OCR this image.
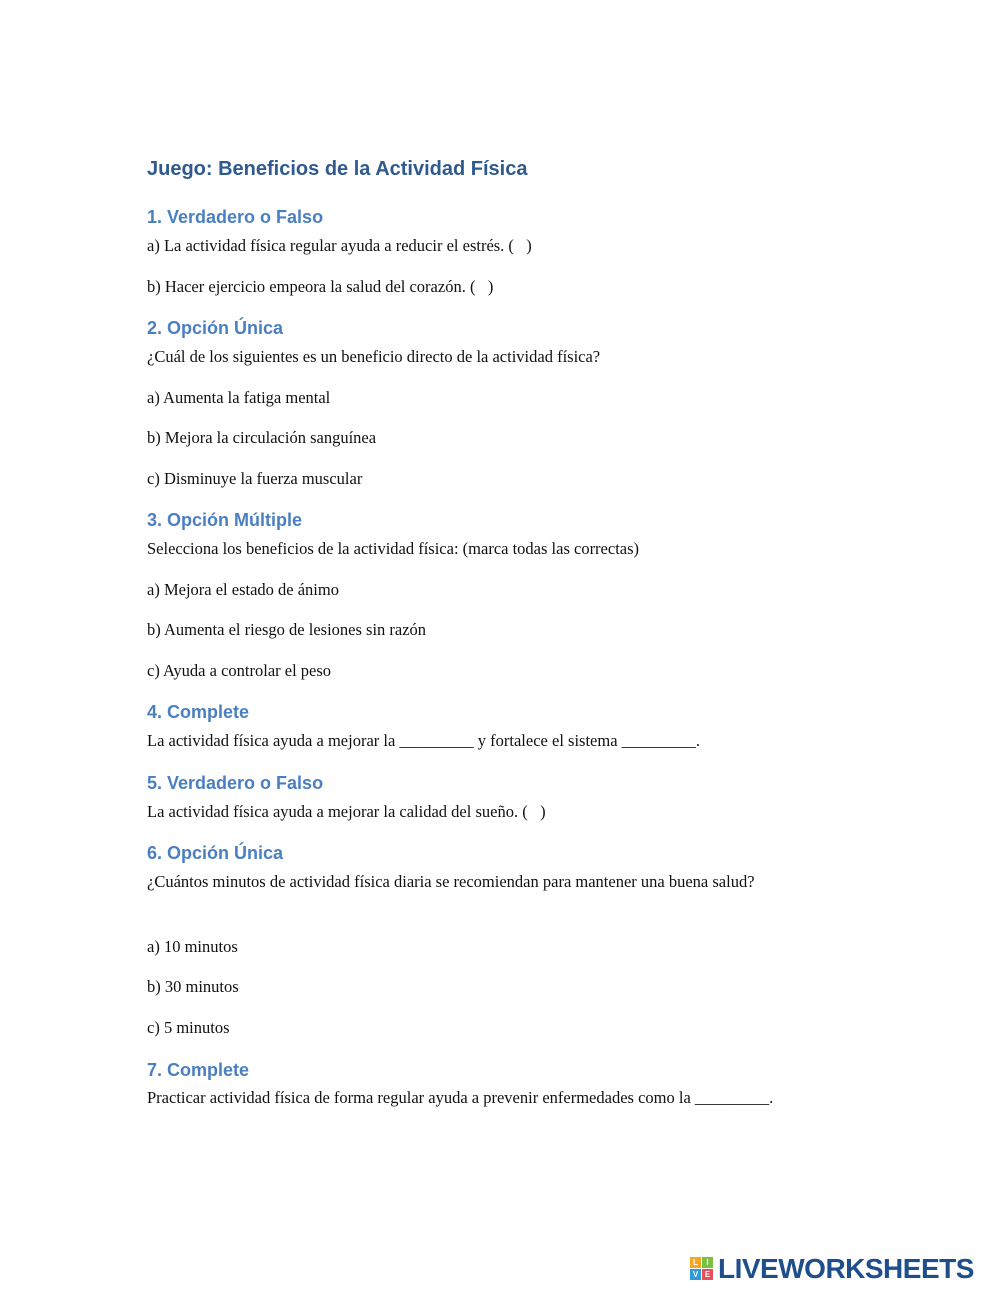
Juego: Beneficios de la Actividad Física
1. Verdadero o Falso

a) La actividad física regular ayuda a reducir el estrés. (   )

b) Hacer ejercicio empeora la salud del corazón. (   )

2. Opción Única

¿Cuál de los siguientes es un beneficio directo de la actividad física?

a) Aumenta la fatiga mental

b) Mejora la circulación sanguínea

c) Disminuye la fuerza muscular

3. Opción Múltiple

Selecciona los beneficios de la actividad física: (marca todas las correctas)

a) Mejora el estado de ánimo

b) Aumenta el riesgo de lesiones sin razón

c) Ayuda a controlar el peso

4. Complete

La actividad física ayuda a mejorar la _________ y fortalece el sistema _________.

5. Verdadero o Falso

La actividad física ayuda a mejorar la calidad del sueño. (   )

6. Opción Única

¿Cuántos minutos de actividad física diaria se recomiendan para mantener una buena salud?

a) 10 minutos

b) 30 minutos

c) 5 minutos

7. Complete

Practicar actividad física de forma regular ayuda a prevenir enfermedades como la _________.

L	I
V E LIVEWORKSHEETS
